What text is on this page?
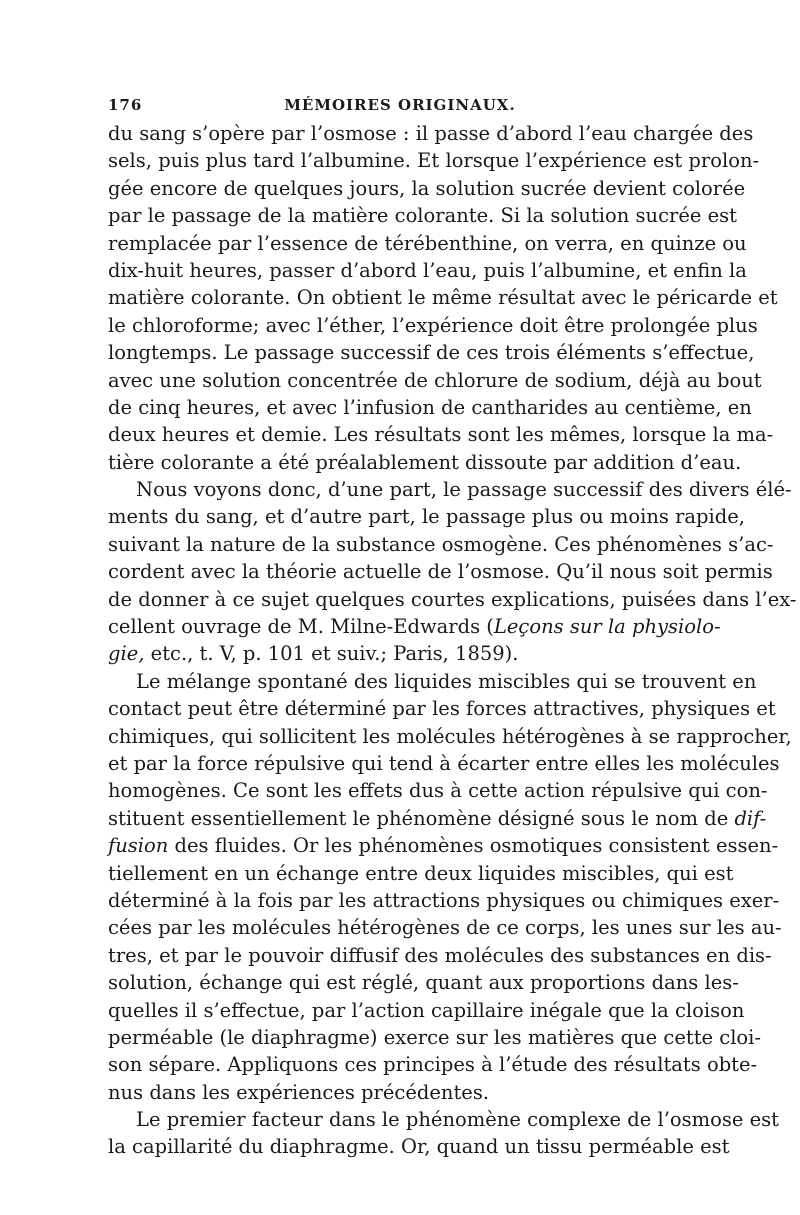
176	MÉMOIRES ORIGINAUX.
du sang s’opère par l’osmose : il passe d’abord l’eau chargée des
sels, puis plus tard l’albumine. Et lorsque l’expérience est prolon-
gée encore de quelques jours, la solution sucrée devient colorée
par le passage de la matière colorante. Si la solution sucrée est
remplacée par l’essence de térébenthine, on verra, en quinze ou
dix-huit heures, passer d’abord l’eau, puis l’albumine, et enfin la
matière colorante. On obtient le même résultat avec le péricarde et
le chloroforme; avec l’éther, l’expérience doit être prolongée plus
longtemps. Le passage successif de ces trois éléments s’effectue,
avec une solution concentrée de chlorure de sodium, déjà au bout
de cinq heures, et avec l’infusion de cantharides au centième, en
deux heures et demie. Les résultats sont les mêmes, lorsque la ma-
tière colorante a été préalablement dissoute par addition d’eau.
Nous voyons donc, d’une part, le passage successif des divers élé-
ments du sang, et d’autre part, le passage plus ou moins rapide,
suivant la nature de la substance osmogène. Ces phénomènes s’ac-
cordent avec la théorie actuelle de l’osmose. Qu’il nous soit permis
de donner à ce sujet quelques courtes explications, puisées dans l’ex-
cellent ouvrage de M. Milne-Edwards (Leçons sur la physiolo-
gie, etc., t. V, p. 101 et suiv.; Paris, 1859).
Le mélange spontané des liquides miscibles qui se trouvent en
contact peut être déterminé par les forces attractives, physiques et
chimiques, qui sollicitent les molécules hétérogènes à se rapprocher,
et par la force répulsive qui tend à écarter entre elles les molécules
homogènes. Ce sont les effets dus à cette action répulsive qui con-
stituent essentiellement le phénomène désigné sous le nom de dif-
fusion des fluides. Or les phénomènes osmotiques consistent essen-
tiellement en un échange entre deux liquides miscibles, qui est
déterminé à la fois par les attractions physiques ou chimiques exer-
cées par les molécules hétérogènes de ce corps, les unes sur les au-
tres, et par le pouvoir diffusif des molécules des substances en dis-
solution, échange qui est réglé, quant aux proportions dans les-
quelles il s’effectue, par l’action capillaire inégale que la cloison
perméable (le diaphragme) exerce sur les matières que cette cloi-
son sépare. Appliquons ces principes à l’étude des résultats obte-
nus dans les expériences précédentes.
Le premier facteur dans le phénomène complexe de l’osmose est
la capillarité du diaphragme. Or, quand un tissu perméable est
